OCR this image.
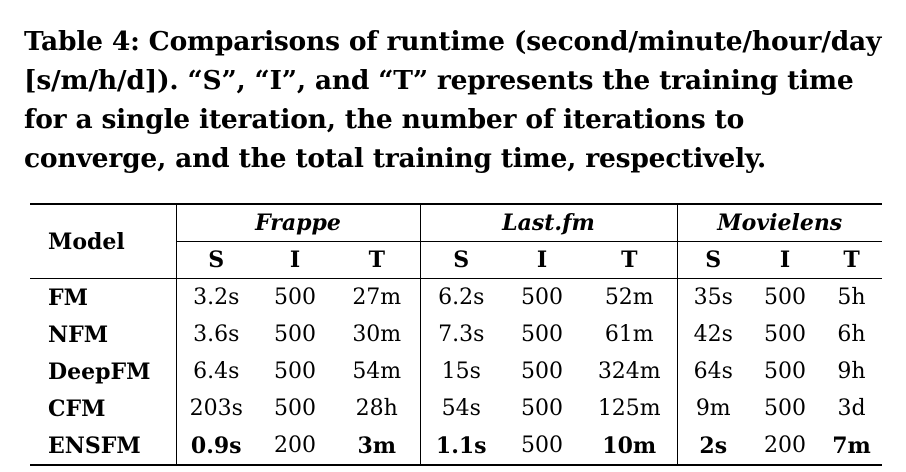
Table 4: Comparisons of runtime (second/minute/hour/day [s/m/h/d]). “S”, “I”, and “T” represents the training time for a single iteration, the number of iterations to converge, and the total training time, respectively.
Model	Frappe			Last.fm			Movielens		
	S	I	T	S	I	T	S	I	T
FM	3.2s	500	27m	6.2s	500	52m	35s	500	5h
NFM	3.6s	500	30m	7.3s	500	61m	42s	500	6h
DeepFM	6.4s	500	54m	15s	500	324m	64s	500	9h
CFM	203s	500	28h	54s	500	125m	9m	500	3d
ENSFM	0.9s	200	3m	1.1s	500	10m	2s	200	7m
